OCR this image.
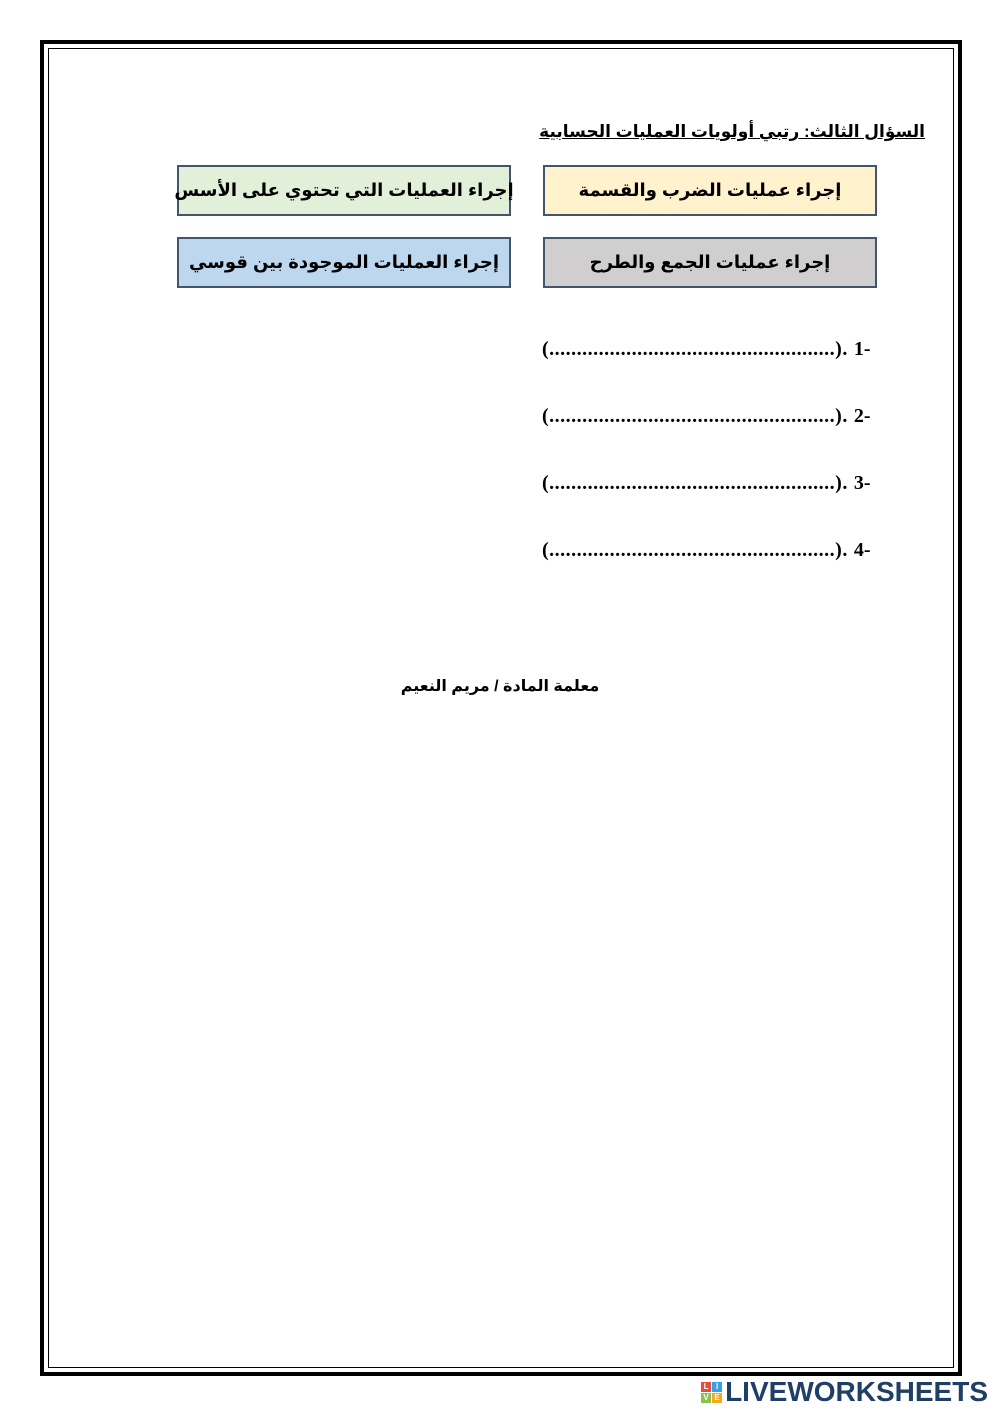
السؤال الثالث: رتبي أولويات العمليات الحسابية
إجراء عمليات الضرب والقسمة
إجراء العمليات التي تحتوي على الأسس
إجراء عمليات الجمع والطرح
إجراء العمليات الموجودة بين قوسي
(....................................................). 1-
(....................................................). 2-
(....................................................). 3-
(....................................................). 4-
معلمة المادة / مريم النعيم
L I
V E LIVEWORKSHEETS
